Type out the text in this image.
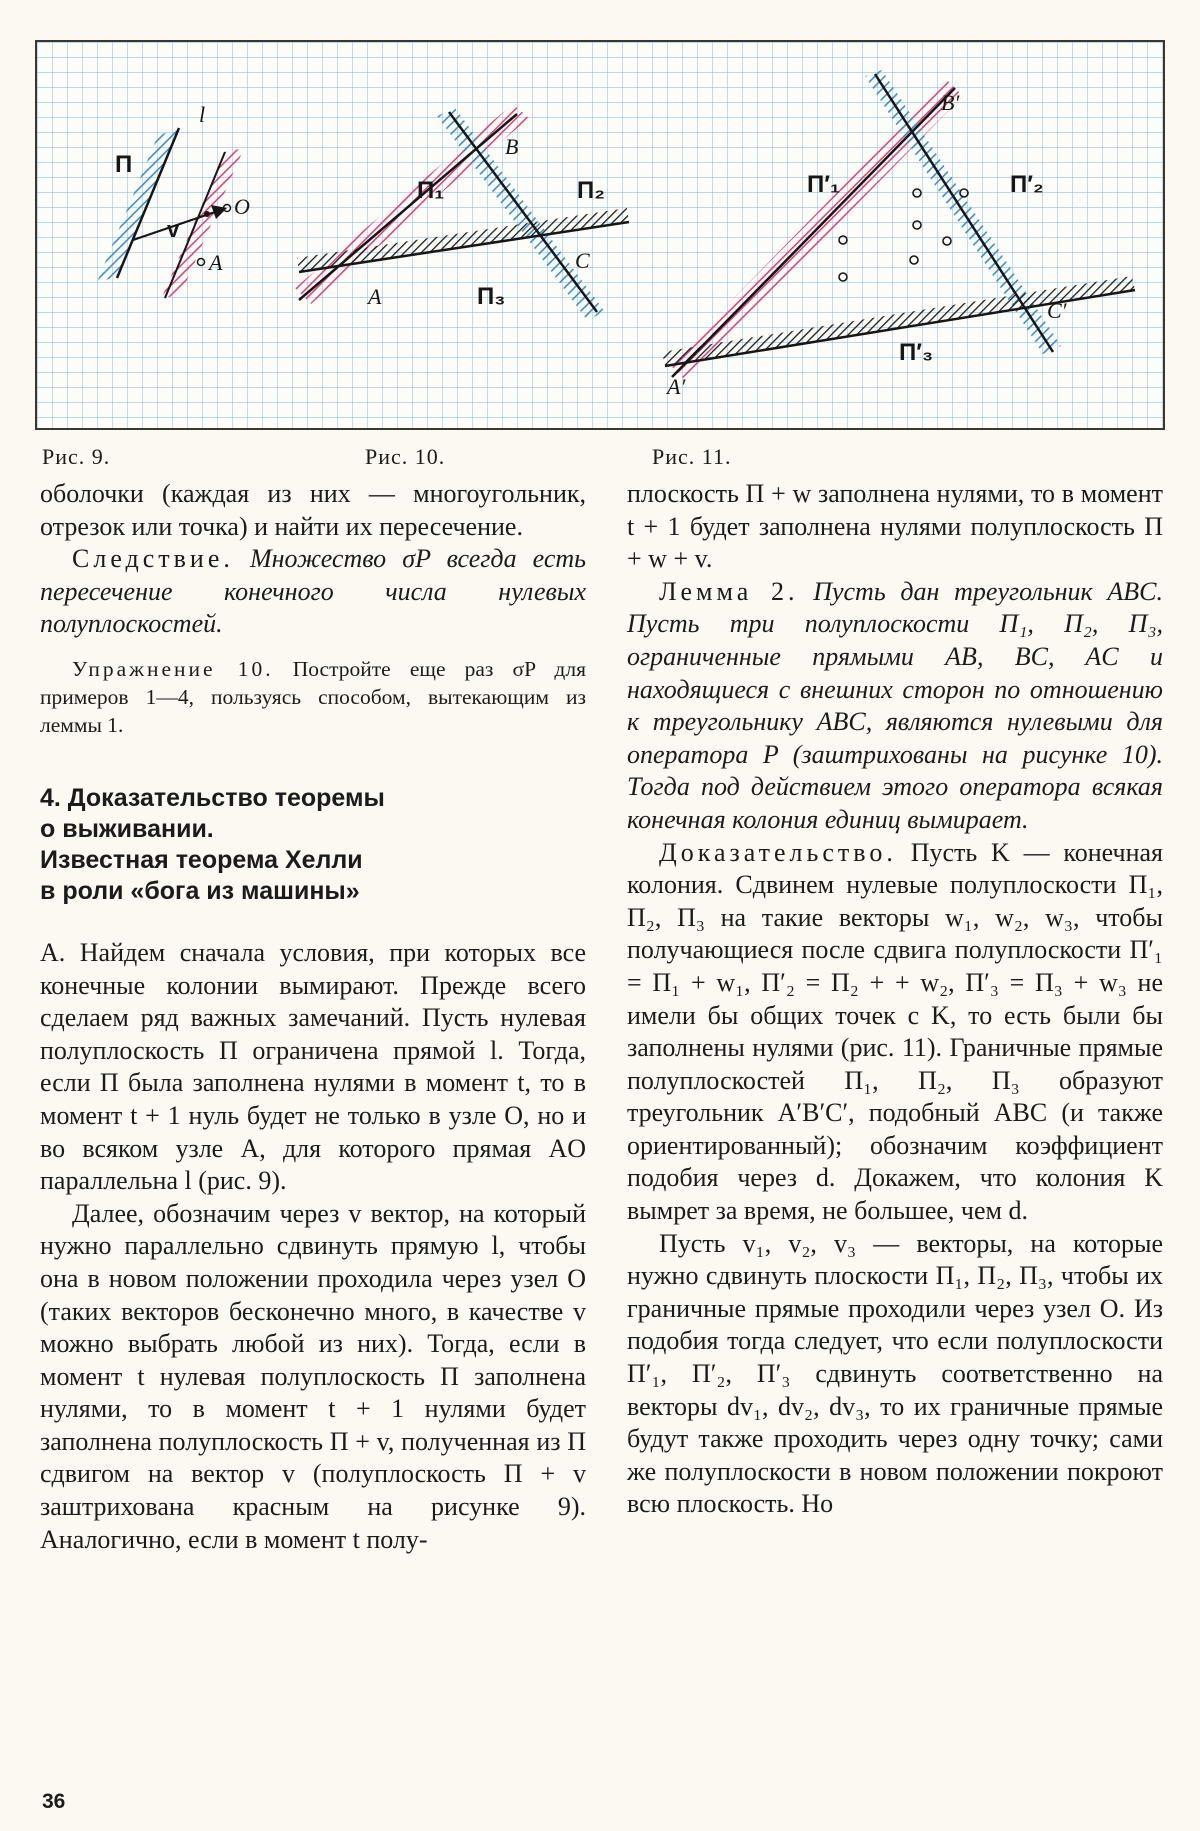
П
l
v
O
A
П₁	П₂
П₃
A
B
C
П′₁	П′₂
П′₃
A′
B′
C′
Рис. 9.	Рис. 10.	Рис. 11.

оболочки (каждая из них — многоугольник, отрезок или точка) и найти их пересечение.

Следствие. Множество σP всегда есть пересечение конечного числа нулевых полуплоскостей.

Упражнение 10. Постройте еще раз σP для примеров 1—4, пользуясь способом, вытекающим из леммы 1.

4. Доказательство теоремы
о выживании.
Известная теорема Хелли
в роли «бога из машины»

A. Найдем сначала условия, при которых все конечные колонии вымирают. Прежде всего сделаем ряд важных замечаний. Пусть нулевая полуплоскость П ограничена прямой l. Тогда, если П была заполнена нулями в момент t, то в момент t + 1 нуль будет не только в узле O, но и во всяком узле A, для которого прямая AO параллельна l (рис. 9).

Далее, обозначим через v вектор, на который нужно параллельно сдвинуть прямую l, чтобы она в новом положении проходила через узел O (таких векторов бесконечно много, в качестве v можно выбрать любой из них). Тогда, если в момент t нулевая полуплоскость П заполнена нулями, то в момент t + 1 нулями будет заполнена полуплоскость П + v, полученная из П сдвигом на вектор v (полуплоскость П + v заштрихована красным на рисунке 9). Аналогично, если в момент t полу-

плоскость П + w заполнена нулями, то в момент t + 1 будет заполнена нулями полуплоскость П + w + v.

Лемма 2. Пусть дан треугольник ABC. Пусть три полуплоскости П₁, П₂, П₃, ограниченные прямыми AB, BC, AC и находящиеся с внешних сторон по отношению к треугольнику ABC, являются нулевыми для оператора P (заштрихованы на рисунке 10). Тогда под действием этого оператора всякая конечная колония единиц вымирает.

Доказательство. Пусть K — конечная колония. Сдвинем нулевые полуплоскости П₁, П₂, П₃ на такие векторы w₁, w₂, w₃, чтобы получающиеся после сдвига полуплоскости П′₁ = П₁ + w₁, П′₂ = П₂ + + w₂, П′₃ = П₃ + w₃ не имели бы общих точек с K, то есть были бы заполнены нулями (рис. 11). Граничные прямые полуплоскостей П₁, П₂, П₃ образуют треугольник A′B′C′, подобный ABC (и также ориентированный); обозначим коэффициент подобия через d. Докажем, что колония K вымрет за время, не большее, чем d.

Пусть v₁, v₂, v₃ — векторы, на которые нужно сдвинуть плоскости П₁, П₂, П₃, чтобы их граничные прямые проходили через узел O. Из подобия тогда следует, что если полуплоскости П′₁, П′₂, П′₃ сдвинуть соответственно на векторы dv₁, dv₂, dv₃, то их граничные прямые будут также проходить через одну точку; сами же полуплоскости в новом положении покроют всю плоскость. Но

36
